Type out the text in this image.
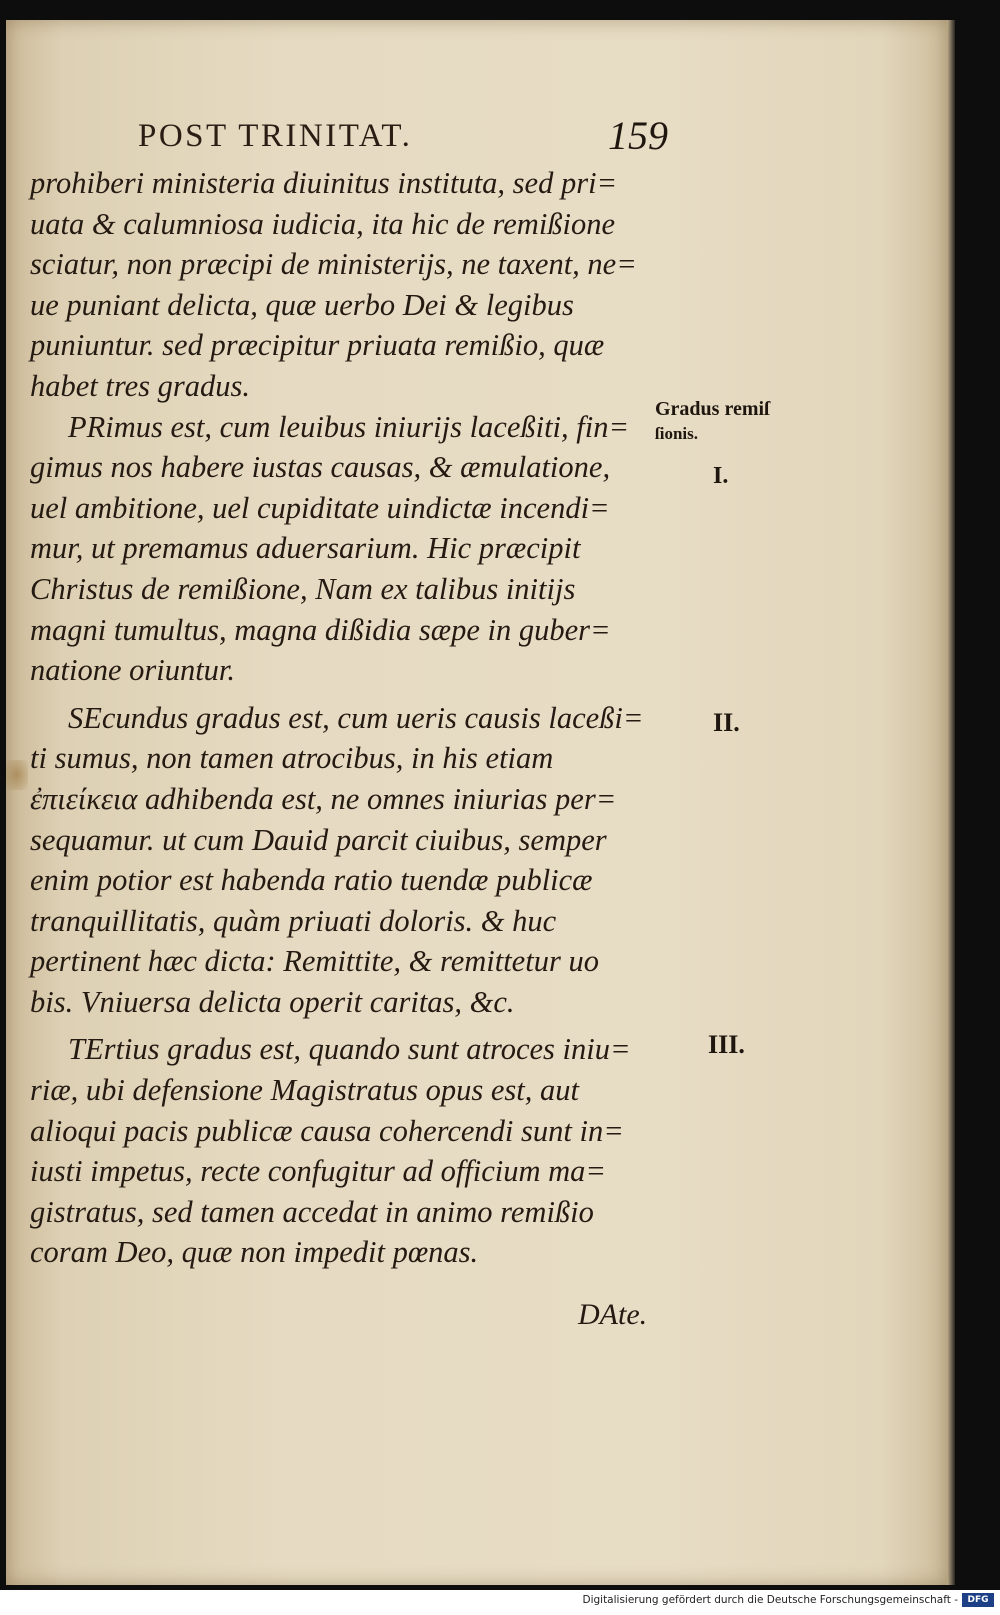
POST TRINITAT.	159
prohiberi ministeria diuinitus instituta, sed pri=
uata & calumniosa iudicia, ita hic de remißione
sciatur, non præcipi de ministerijs, ne taxent, ne=
ue puniant delicta, quæ uerbo Dei & legibus
puniuntur. sed præcipitur priuata remißio, quæ
habet tres gradus.
PRimus est, cum leuibus iniurijs laceßiti, fin=
gimus nos habere iustas causas, & æmulatione,
uel ambitione, uel cupiditate uindictæ incendi=
mur, ut premamus aduersarium. Hic præcipit
Christus de remißione, Nam ex talibus initijs
magni tumultus, magna dißidia sæpe in guber=
natione oriuntur.
SEcundus gradus est, cum ueris causis laceßi=
ti sumus, non tamen atrocibus, in his etiam
ἐπιείκεια adhibenda est, ne omnes iniurias per=
sequamur. ut cum Dauid parcit ciuibus, semper
enim potior est habenda ratio tuendæ publicæ
tranquillitatis, quàm priuati doloris. & huc
pertinent hæc dicta: Remittite, & remittetur uo
bis. Vniuersa delicta operit caritas, &c.
TErtius gradus est, quando sunt atroces iniu=
riæ, ubi defensione Magistratus opus est, aut
alioqui pacis publicæ causa cohercendi sunt in=
iusti impetus, recte confugitur ad officium ma=
gistratus, sed tamen accedat in animo remißio
coram Deo, quæ non impedit pœnas.
Gradus remiſ
ſionis.
I.
II.
III.
DAte.
Digitalisierung gefördert durch die Deutsche Forschungsgemeinschaft -	DFG
